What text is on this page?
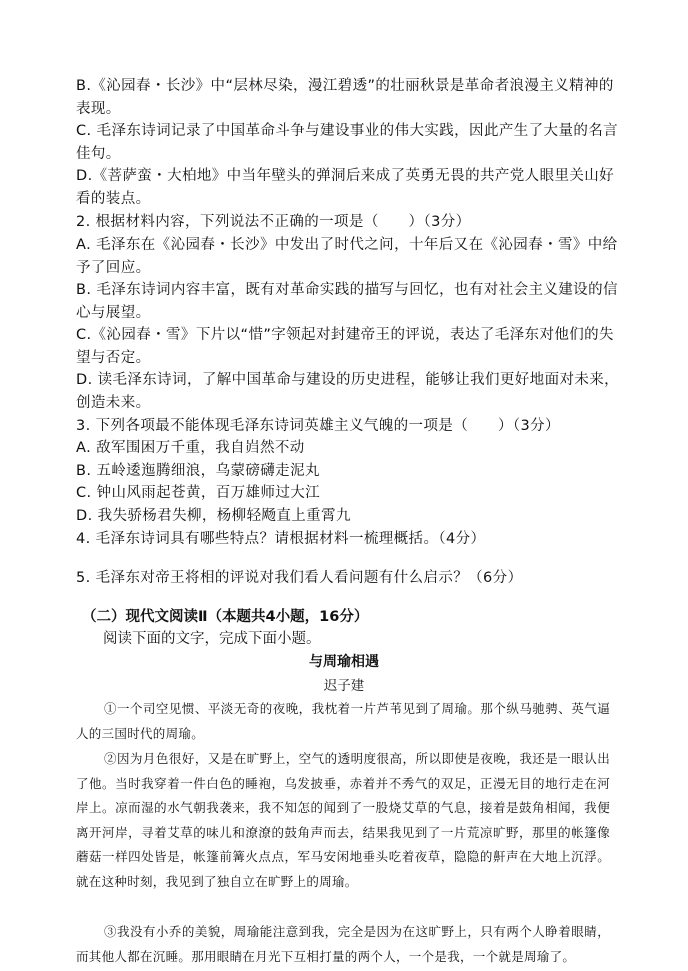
B.《沁园春・长沙》中“层林尽染，漫江碧透”的壮丽秋景是革命者浪漫主义精神的表现。

C. 毛泽东诗词记录了中国革命斗争与建设事业的伟大实践，因此产生了大量的名言佳句。

D.《菩萨蛮・大柏地》中当年壁头的弹洞后来成了英勇无畏的共产党人眼里关山好看的装点。

2. 根据材料内容，下列说法不正确的一项是（　　）（3分）

A. 毛泽东在《沁园春・长沙》中发出了时代之问，十年后又在《沁园春・雪》中给予了回应。

B. 毛泽东诗词内容丰富，既有对革命实践的描写与回忆，也有对社会主义建设的信心与展望。

C.《沁园春・雪》下片以“惜”字领起对封建帝王的评说，表达了毛泽东对他们的失望与否定。

D. 读毛泽东诗词，了解中国革命与建设的历史进程，能够让我们更好地面对未来，创造未来。

3. 下列各项最不能体现毛泽东诗词英雄主义气魄的一项是（　　）（3分）

A. 敌军围困万千重，我自岿然不动

B. 五岭逶迤腾细浪，乌蒙磅礴走泥丸

C. 钟山风雨起苍黄，百万雄师过大江

D. 我失骄杨君失柳，杨柳轻飏直上重霄九

4. 毛泽东诗词具有哪些特点？请根据材料一梳理概括。（4分）

5. 毛泽东对帝王将相的评说对我们看人看问题有什么启示？（6分）

（二）现代文阅读Ⅱ（本题共4小题，16分）

阅读下面的文字，完成下面小题。

与周瑜相遇

迟子建

①一个司空见惯、平淡无奇的夜晚，我枕着一片芦苇见到了周瑜。那个纵马驰骋、英气逼人的三国时代的周瑜。

②因为月色很好，又是在旷野上，空气的透明度很高，所以即使是夜晚，我还是一眼认出了他。当时我穿着一件白色的睡袍，乌发披垂，赤着并不秀气的双足，正漫无目的地行走在河岸上。凉而湿的水气朝我袭来，我不知怎的闻到了一股烧艾草的气息，接着是鼓角相闻，我便离开河岸，寻着艾草的味儿和潦潦的鼓角声而去，结果我见到了一片荒凉旷野，那里的帐篷像蘑菇一样四处皆是，帐篷前篝火点点，军马安闲地垂头吃着夜草，隐隐的鼾声在大地上沉浮。就在这种时刻，我见到了独自立在旷野上的周瑜。

③我没有小乔的美貌，周瑜能注意到我，完全是因为在这旷野上，只有两个人睁着眼睛，而其他人都在沉睡。那用眼睛在月光下互相打量的两个人，一个是我，一个就是周瑜了。
